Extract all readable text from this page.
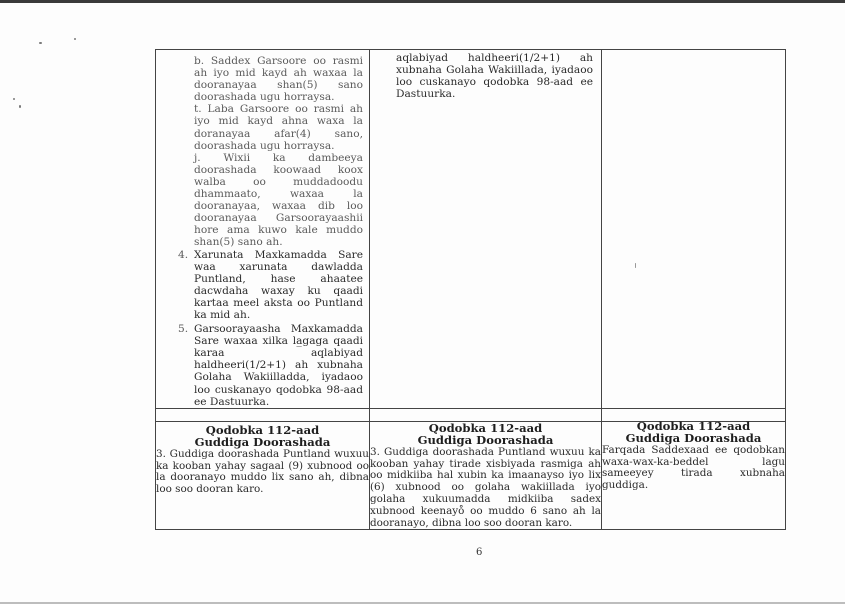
b. Saddex Garsoore oo rasmi ah iyo mid kayd ah waxaa la dooranayaa shan(5) sano doorashada ugu horraysa.
t. Laba Garsoore oo rasmi ah iyo mid kayd ahna waxa la doranayaa afar(4) sano, doorashada ugu horraysa.
j. Wixii ka dambeeya doorashada koowaad koox walba oo muddadoodu dhammaato, waxaa la dooranayaa, waxaa dib loo dooranayaa Garsoorayaashii hore ama kuwo kale muddo shan(5) sano ah.
4. Xarunata Maxkamadda Sare waa xarunata dawladda Puntland, hase ahaatee dacwdaha waxay ku qaadi kartaa meel aksta oo Puntland ka mid ah.
5. Garsoorayaasha Maxkamadda Sare waxaa xilka la̲gaga qaadi karaa aqlabiyad haldheeri(1/2+1) ah xubnaha Golaha Wakiilladda, iyadaoo loo cuskanayo qodobka 98-aad ee Dastuurka.

aqlabiyad haldheeri(1/2+1) ah xubnaha Golaha Wakiillada, iyadaoo loo cuskanayo qodobka 98-aad ee Dastuurka.

Qodobka 112-aad
Guddiga Doorashada
3. Guddiga doorashada Puntland wuxuu ka kooban yahay sagaal (9) xubnood oo la dooranayo muddo lix sano ah, dibna loo soo dooran karo.

Qodobka 112-aad
Guddiga Doorashada
3. Guddiga doorashada Puntland wuxuu ka kooban yahay tirade xisbiyada rasmiga ah oo midkiiba hal xubin ka imaanayso iyo lix (6) xubnood oo golaha wakiillada iyo golaha xukuumadda midkiiba sadex xubnood keenayo̊ oo muddo 6 sano ah la dooranayo, dibna loo soo dooran karo.

Qodobka 112-aad
Guddiga Doorashada
Farqada Saddexaad ee qodobkan waxa-wax-ka-beddel lagu sameeyey tirada xubnaha guddiga.
6
